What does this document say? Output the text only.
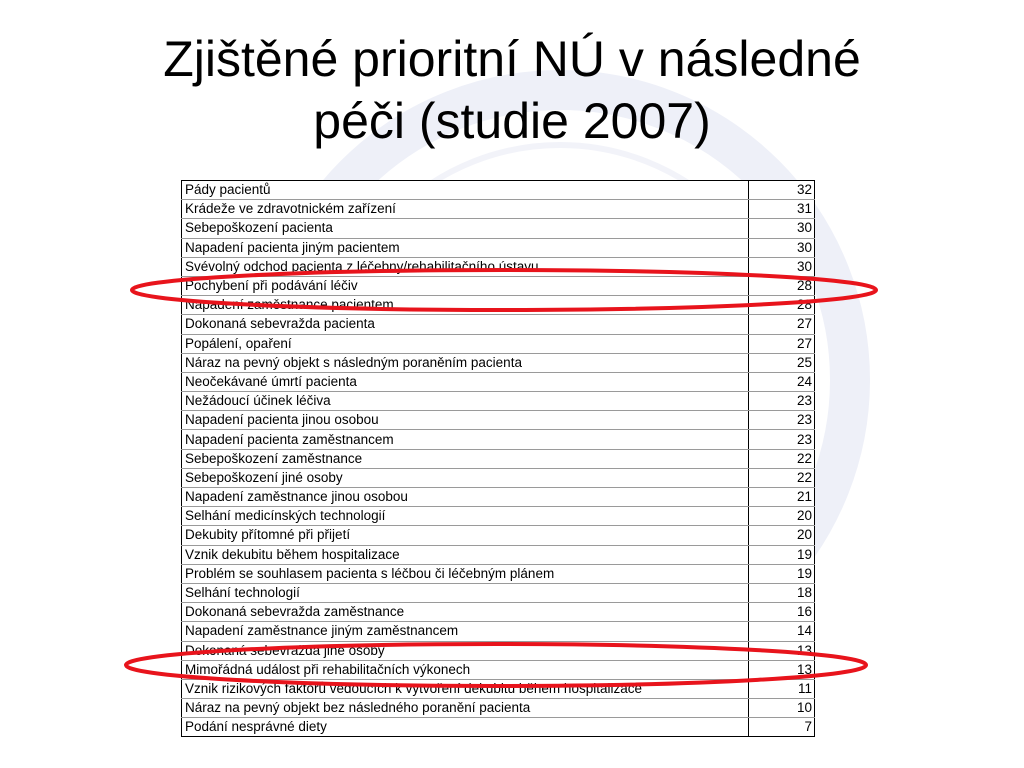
Zjištěné prioritní NÚ v následné
péči (studie 2007)
Pády pacientů	32
Krádeže ve zdravotnickém zařízení	31
Sebepoškození pacienta	30
Napadení pacienta jiným pacientem	30
Svévolný odchod pacienta z léčebny/rehabilitačního ústavu	30
Pochybení při podávání léčiv	28
Napadení zaměstnance pacientem	28
Dokonaná sebevražda pacienta	27
Popálení, opaření	27
Náraz na pevný objekt s následným poraněním pacienta	25
Neočekávané úmrtí pacienta	24
Nežádoucí účinek léčiva	23
Napadení pacienta jinou osobou	23
Napadení pacienta zaměstnancem	23
Sebepoškození zaměstnance	22
Sebepoškození jiné osoby	22
Napadení zaměstnance jinou osobou	21
Selhání medicínských technologií	20
Dekubity přítomné při přijetí	20
Vznik dekubitu během hospitalizace	19
Problém se souhlasem pacienta s léčbou či léčebným plánem	19
Selhání technologií	18
Dokonaná sebevražda zaměstnance	16
Napadení zaměstnance jiným zaměstnancem	14
Dokonaná sebevražda jiné osoby	13
Mimořádná událost při rehabilitačních výkonech	13
Vznik rizikových faktorů vedoucích k vytvoření dekubitu během hospitalizace	11
Náraz na pevný objekt bez následného poranění pacienta	10
Podání nesprávné diety	7
